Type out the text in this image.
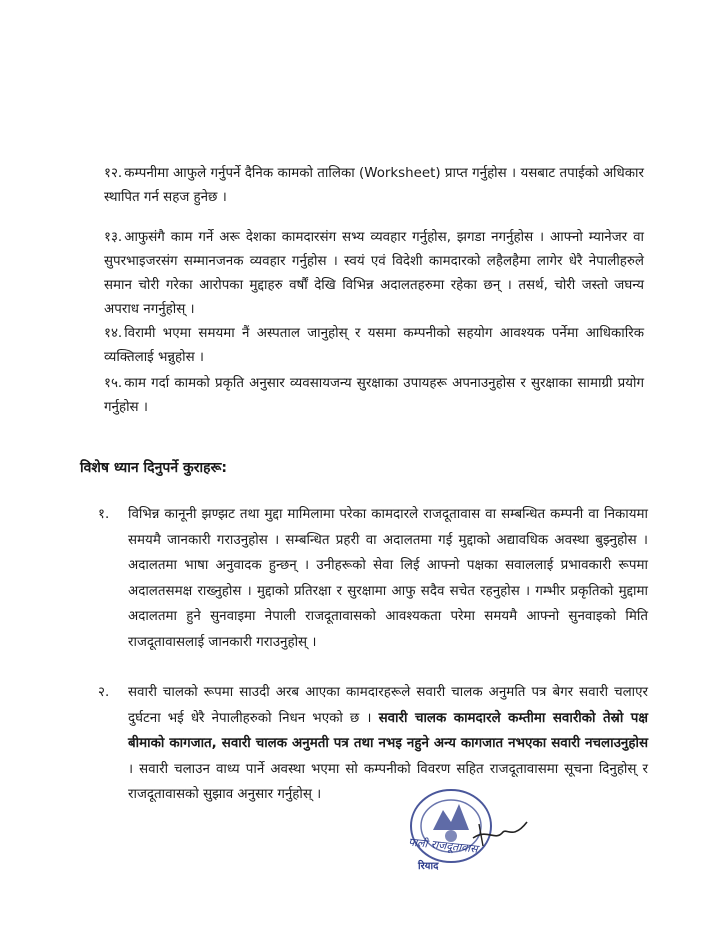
१२. कम्पनीमा आफुले गर्नुपर्ने दैनिक कामको तालिका (Worksheet) प्राप्त गर्नुहोस । यसबाट तपाईको अधिकार स्थापित गर्न सहज हुनेछ ।
१३. आफुसंगै काम गर्ने अरू देशका कामदारसंग सभ्य व्यवहार गर्नुहोस, झगडा नगर्नुहोस । आफ्नो म्यानेजर वा सुपरभाइजरसंग सम्मानजनक व्यवहार गर्नुहोस । स्वयं एवं विदेशी कामदारको लहैलहैमा लागेर धेरै नेपालीहरुले समान चोरी गरेका आरोपका मुद्दाहरु वर्षौं देखि विभिन्न अदालतहरुमा रहेका छन् । तसर्थ, चोरी जस्तो जघन्य अपराध नगर्नुहोस् ।
१४. विरामी भएमा समयमा नैं अस्पताल जानुहोस् र यसमा कम्पनीको सहयोग आवश्यक पर्नेमा आधिकारिक व्यक्तिलाई भन्नुहोस ।
१५. काम गर्दा कामको प्रकृति अनुसार व्यवसायजन्य सुरक्षाका उपायहरू अपनाउनुहोस र सुरक्षाका सामाग्री प्रयोग गर्नुहोस ।
विशेष ध्यान दिनुपर्ने कुराहरू:
१. विभिन्न कानूनी झण्झट तथा मुद्दा मामिलामा परेका कामदारले राजदूतावास वा सम्बन्धित कम्पनी वा निकायमा समयमै जानकारी गराउनुहोस । सम्बन्धित प्रहरी वा अदालतमा गई मुद्दाको अद्यावधिक अवस्था बुझ्नुहोस । अदालतमा भाषा अनुवादक हुन्छन् । उनीहरूको सेवा लिई आफ्नो पक्षका सवाललाई प्रभावकारी रूपमा अदालतसमक्ष राख्नुहोस । मुद्दाको प्रतिरक्षा र सुरक्षामा आफु सदैव सचेत रहनुहोस । गम्भीर प्रकृतिको मुद्दामा अदालतमा हुने सुनवाइमा नेपाली राजदूतावासको आवश्यकता परेमा समयमै आफ्नो सुनवाइको मिति राजदूतावासलाई जानकारी गराउनुहोस् ।
२. सवारी चालको रूपमा साउदी अरब आएका कामदारहरूले सवारी चालक अनुमति पत्र बेगर सवारी चलाएर दुर्घटना भई धेरै नेपालीहरुको निधन भएको छ । सवारी चालक कामदारले कम्तीमा सवारीको तेस्रो पक्ष बीमाको कागजात, सवारी चालक अनुमती पत्र तथा नभइ नहुने अन्य कागजात नभएका सवारी नचलाउनुहोस । सवारी चलाउन वाध्य पार्ने अवस्था भएमा सो कम्पनीको विवरण सहित राजदूतावासमा सूचना दिनुहोस् र राजदूतावासको सुझाव अनुसार गर्नुहोस् ।
पाली राजदूतावास
रियाद
